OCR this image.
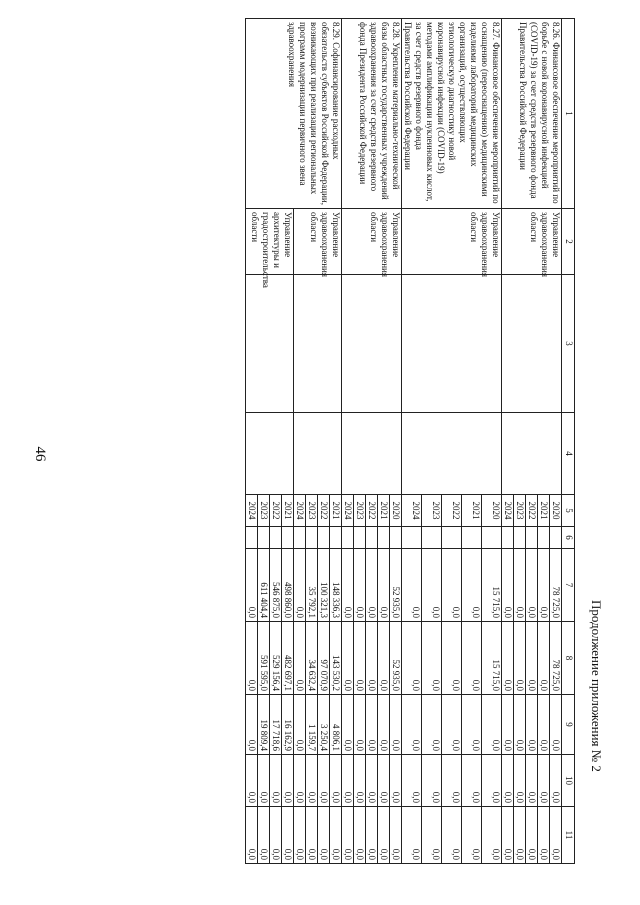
46
Продолжение приложения № 2
1	2	3	4	5	6	7	8	9	10	11
8.26. Финансовое обеспечение мероприятий по борьбе с новой коронавирусной инфекцией (COVID-19) за счет средств резервного фонда Правительства Российской Федерации	Управление здравоохранения области			2020		78 725,0	78 725,0	0,0	0,0	0,0
				2021		0,0	0,0	0,0	0,0	0,0
				2022		0,0	0,0	0,0	0,0	0,0
				2023		0,0	0,0	0,0	0,0	0,0
				2024		0,0	0,0	0,0	0,0	0,0
8.27. Финансовое обеспечение мероприятий по оснащению (переоснащению) медицинскими изделиями лабораторий медицинских организаций, осуществляющих этиологическую диагностику новой коронавирусной инфекции (COVID-19) методами амплификации нуклеиновых кислот, за счет средств резервного фонда Правительства Российской Федерации	Управление здравоохранения области			2020		15 715,0	15 715,0	0,0	0,0	0,0
				2021		0,0	0,0	0,0	0,0	0,0
				2022		0,0	0,0	0,0	0,0	0,0
				2023		0,0	0,0	0,0	0,0	0,0
				2024		0,0	0,0	0,0	0,0	0,0
8.28. Укрепление материально-технической базы областных государственных учреждений здравоохранения за счет средств резервного фонда Президента Российской Федерации	Управление здравоохранения области			2020		52 935,0	52 935,0	0,0	0,0	0,0
				2021		0,0	0,0	0,0	0,0	0,0
				2022		0,0	0,0	0,0	0,0	0,0
				2023		0,0	0,0	0,0	0,0	0,0
				2024		0,0	0,0	0,0	0,0	0,0
8.29. Софинансирование расходных обязательств субъектов Российской Федерации, возникающих при реализации региональных программ модернизации первичного звена здравоохранения	Управление здравоохранения области			2021		148 336,3	143 530,2	4 806,1	0,0	0,0
				2022		100 321,3	97 070,9	3 250,4	0,0	0,0
				2023		35 792,1	34 632,4	1 159,7	0,0	0,0
				2024		0,0	0,0	0,0	0,0	0,0
	Управление архитектуры и градостроительства области			2021		498 860,0	482 697,1	16 162,9	0,0	0,0
				2022		546 875,0	529 156,4	17 718,6	0,0	0,0
				2023		611 404,4	591 595,0	19 809,4	0,0	0,0
				2024		0,0	0,0	0,0	0,0	0,0
